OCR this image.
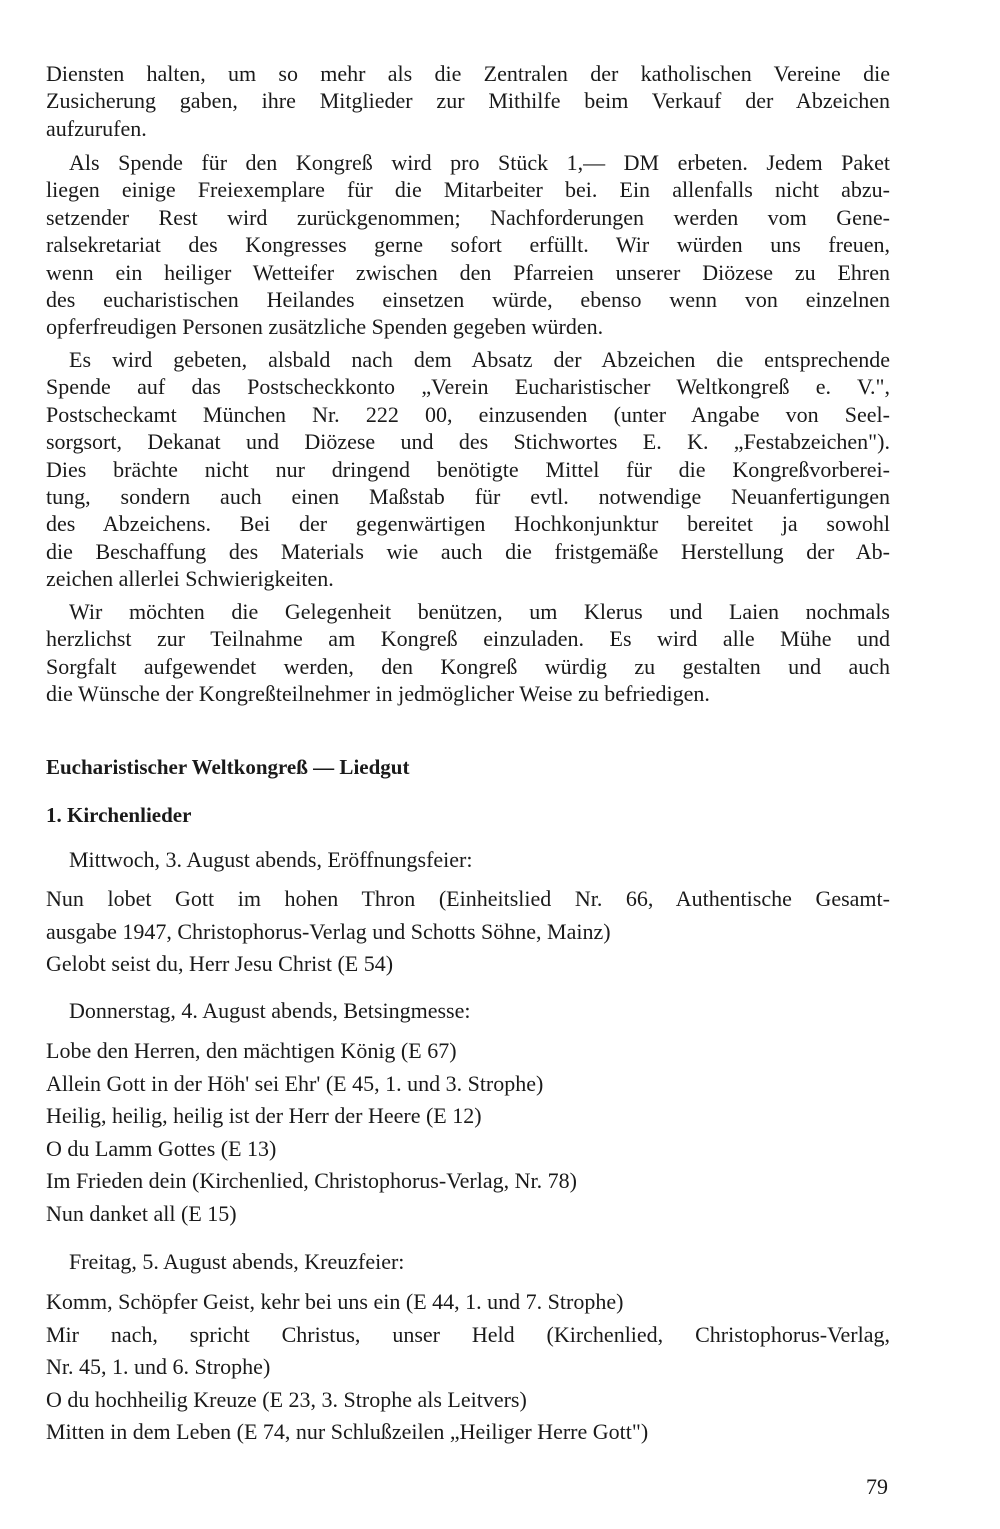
Diensten halten, um so mehr als die Zentralen der katholischen Vereine die
Zusicherung gaben, ihre Mitglieder zur Mithilfe beim Verkauf der Abzeichen
aufzurufen.
Als Spende für den Kongreß wird pro Stück 1,— DM erbeten. Jedem Paket
liegen einige Freiexemplare für die Mitarbeiter bei. Ein allenfalls nicht abzu-
setzender Rest wird zurückgenommen; Nachforderungen werden vom Gene-
ralsekretariat des Kongresses gerne sofort erfüllt. Wir würden uns freuen,
wenn ein heiliger Wetteifer zwischen den Pfarreien unserer Diözese zu Ehren
des eucharistischen Heilandes einsetzen würde, ebenso wenn von einzelnen
opferfreudigen Personen zusätzliche Spenden gegeben würden.
Es wird gebeten, alsbald nach dem Absatz der Abzeichen die entsprechende
Spende auf das Postscheckkonto „Verein Eucharistischer Weltkongreß e. V.",
Postscheckamt München Nr. 222 00, einzusenden (unter Angabe von Seel-
sorgsort, Dekanat und Diözese und des Stichwortes E. K. „Festabzeichen").
Dies brächte nicht nur dringend benötigte Mittel für die Kongreßvorberei-
tung, sondern auch einen Maßstab für evtl. notwendige Neuanfertigungen
des Abzeichens. Bei der gegenwärtigen Hochkonjunktur bereitet ja sowohl
die Beschaffung des Materials wie auch die fristgemäße Herstellung der Ab-
zeichen allerlei Schwierigkeiten.
Wir möchten die Gelegenheit benützen, um Klerus und Laien nochmals
herzlichst zur Teilnahme am Kongreß einzuladen. Es wird alle Mühe und
Sorgfalt aufgewendet werden, den Kongreß würdig zu gestalten und auch
die Wünsche der Kongreßteilnehmer in jedmöglicher Weise zu befriedigen.
Eucharistischer Weltkongreß — Liedgut
1. Kirchenlieder
Mittwoch, 3. August abends, Eröffnungsfeier:
Nun lobet Gott im hohen Thron (Einheitslied Nr. 66, Authentische Gesamt-
ausgabe 1947, Christophorus-Verlag und Schotts Söhne, Mainz)
Gelobt seist du, Herr Jesu Christ (E 54)
Donnerstag, 4. August abends, Betsingmesse:
Lobe den Herren, den mächtigen König (E 67)
Allein Gott in der Höh' sei Ehr' (E 45, 1. und 3. Strophe)
Heilig, heilig, heilig ist der Herr der Heere (E 12)
O du Lamm Gottes (E 13)
Im Frieden dein (Kirchenlied, Christophorus-Verlag, Nr. 78)
Nun danket all (E 15)
Freitag, 5. August abends, Kreuzfeier:
Komm, Schöpfer Geist, kehr bei uns ein (E 44, 1. und 7. Strophe)
Mir nach, spricht Christus, unser Held (Kirchenlied, Christophorus-Verlag,
Nr. 45, 1. und 6. Strophe)
O du hochheilig Kreuze (E 23, 3. Strophe als Leitvers)
Mitten in dem Leben (E 74, nur Schlußzeilen „Heiliger Herre Gott")
79
